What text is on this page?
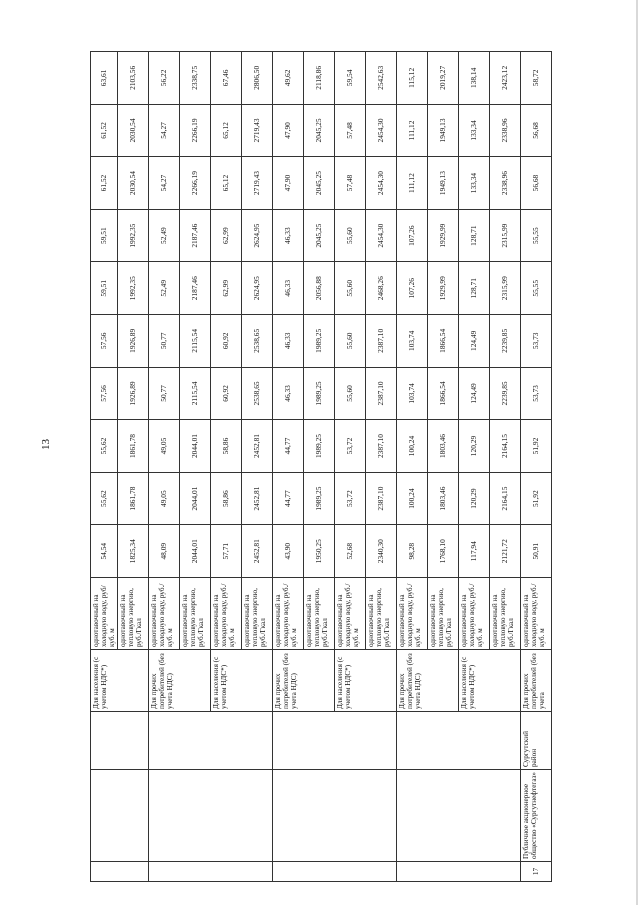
13
			Для населения (с учетом НДС*)	однотавочный на холодную воду, руб/куб. м	54,54	55,62	55,62	57,56	57,56	59,51	59,51	61,52	61,52	63,61
				однотавочный на тепловую энергию, руб./Гкал	1825,34	1861,78	1861,78	1926,89	1926,89	1992,35	1992,35	2030,54	2030,54	2103,56
			Для прочих потребителей (без учета НДС)	однотавочный на холодную воду, руб./куб. м	48,09	49,05	49,05	50,77	50,77	52,49	52,49	54,27	54,27	56,22
				однотавочный на тепловую энергию, руб./Гкал	2044,01	2044,01	2044,01	2115,54	2115,54	2187,46	2187,46	2266,19	2266,19	2338,75
			Для населения (с учетом НДС*)	однотавочный на холодную воду, руб./куб. м	57,71	58,86	58,86	60,92	60,92	62,99	62,99	65,12	65,12	67,46
				однотавочный на тепловую энергию, руб./Гкал	2452,81	2452,81	2452,81	2538,65	2538,65	2624,95	2624,95	2719,43	2719,43	2806,50
			Для прочих потребителей (без учета НДС)	однотавочный на холодную воду, руб./куб. м	43,90	44,77	44,77	46,33	46,33	46,33	46,33	47,90	47,90	49,62
				однотавочный на тепловую энергию, руб./Гкал	1950,25	1989,25	1989,25	1989,25	1989,25	2056,88	2045,25	2045,25	2045,25	2118,86
			Для населения (с учетом НДС*)	однотавочный на холодную воду, руб./куб. м	52,68	53,72	53,72	55,60	55,60	55,60	55,60	57,48	57,48	59,54
				однотавочный на тепловую энергию, руб./Гкал	2340,30	2387,10	2387,10	2387,10	2387,10	2468,26	2454,30	2454,30	2454,30	2542,63
			Для прочих потребителей (без учета НДС)	однотавочный на холодную воду, руб./куб. м	98,28	100,24	100,24	103,74	103,74	107,26	107,26	111,12	111,12	115,12
				однотавочный на тепловую энергию, руб./Гкал	1768,10	1803,46	1803,46	1866,54	1866,54	1929,99	1929,99	1949,13	1949,13	2019,27
			Для населения (с учетом НДС*)	однотавочный на холодную воду, руб./куб. м	117,94	120,29	120,29	124,49	124,49	128,71	128,71	133,34	133,34	138,14
				однотавочный на тепловую энергию, руб./Гкал	2121,72	2164,15	2164,15	2239,85	2239,85	2315,99	2315,99	2338,96	2338,96	2423,12
17	Публичное акционерное общество «Сургутнефтегаз»	Сургутский район	Для прочих потребителей (без учета	однотавочный на холодную воду, руб./куб. м	50,91	51,92	51,92	53,73	53,73	55,55	55,55	56,68	56,68	58,72
